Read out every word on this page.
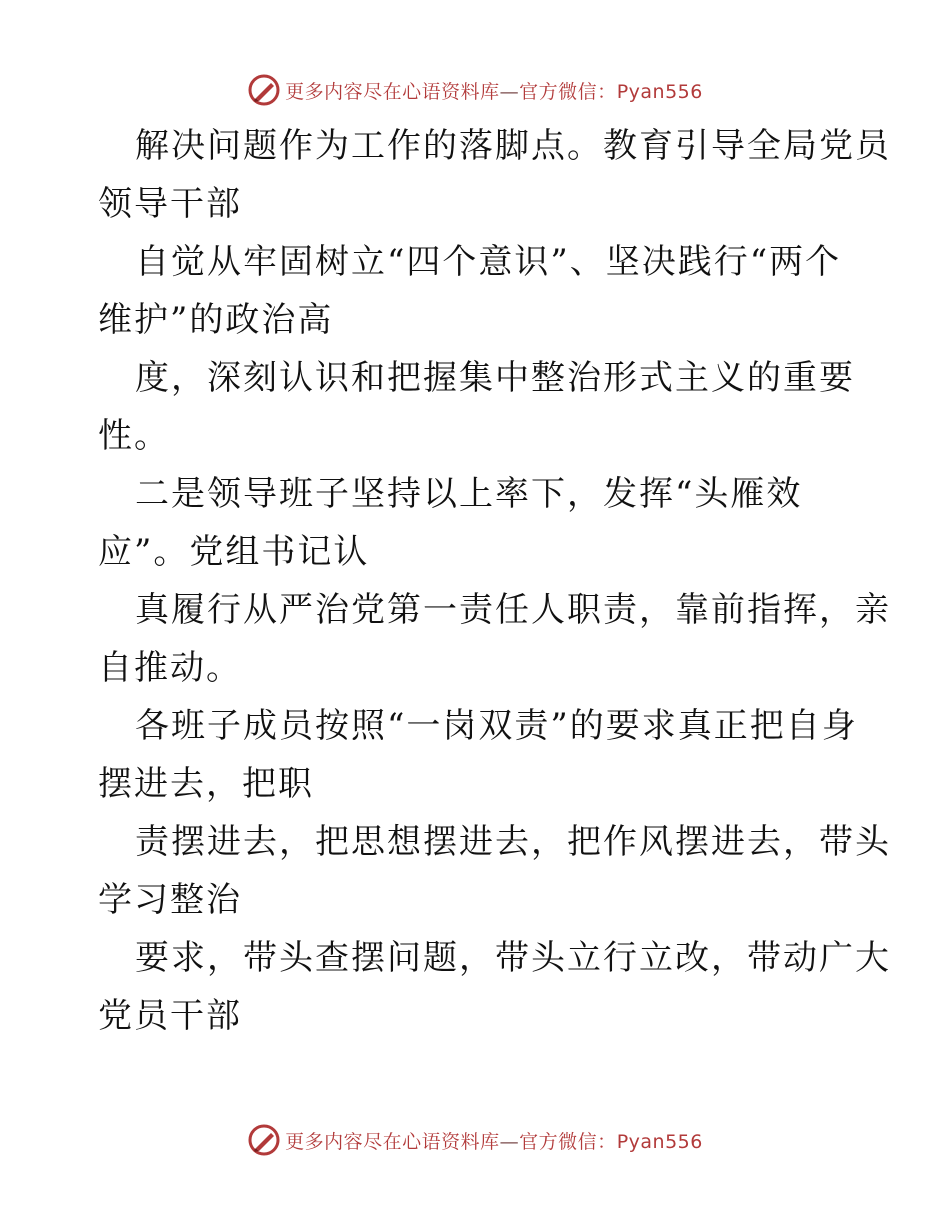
更多内容尽在心语资料库—官方微信：Pyan556
解决问题作为工作的落脚点。教育引导全局党员
领导干部
自觉从牢固树立“四个意识”、坚决践行“两个
维护”的政治高
度，深刻认识和把握集中整治形式主义的重要
性。
二是领导班子坚持以上率下，发挥“头雁效
应”。党组书记认
真履行从严治党第一责任人职责，靠前指挥，亲
自推动。
各班子成员按照“一岗双责”的要求真正把自身
摆进去，把职
责摆进去，把思想摆进去，把作风摆进去，带头
学习整治
要求，带头查摆问题，带头立行立改，带动广大
党员干部
更多内容尽在心语资料库—官方微信：Pyan556
